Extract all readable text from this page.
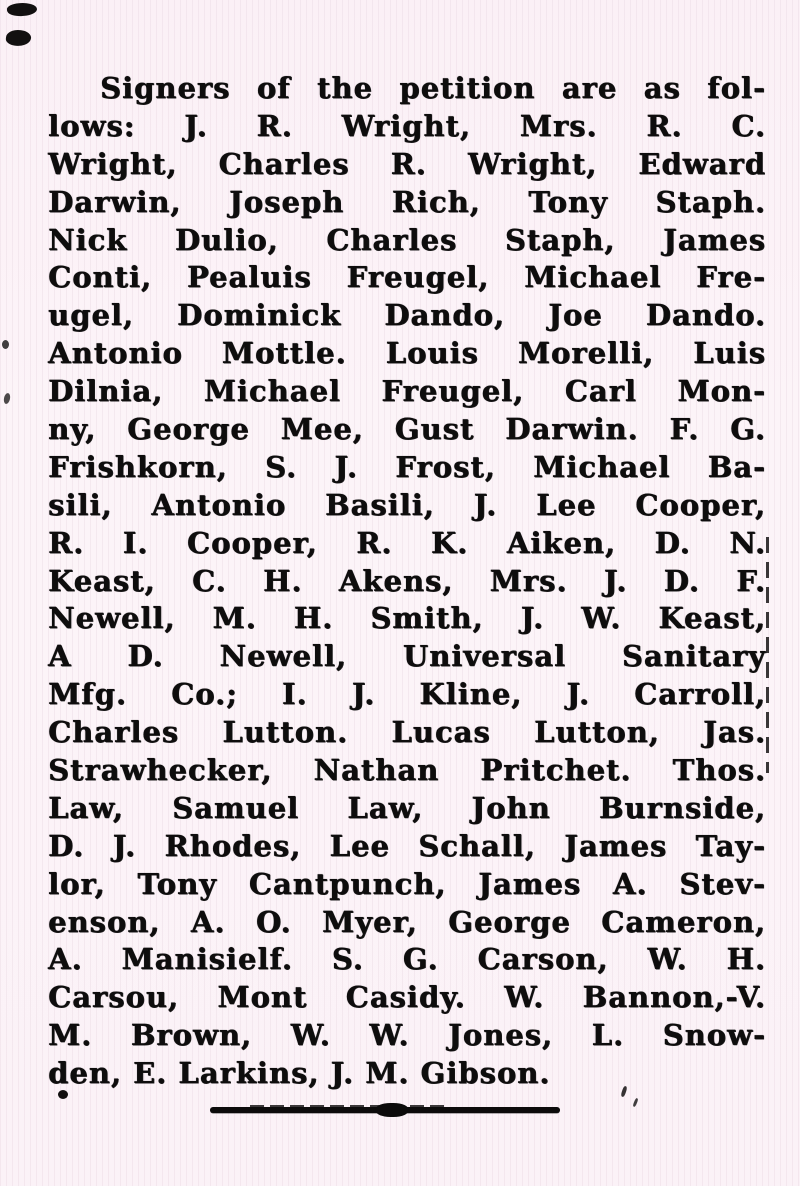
Signers of the petition are as fol-
lows: J. R. Wright, Mrs. R. C.
Wright, Charles R. Wright, Edward
Darwin, Joseph Rich, Tony Staph.
Nick Dulio, Charles Staph, James
Conti, Pealuis Freugel, Michael Fre-
ugel, Dominick Dando, Joe Dando.
Antonio Mottle. Louis Morelli, Luis
Dilnia, Michael Freugel, Carl Mon-
ny, George Mee, Gust Darwin. F. G.
Frishkorn, S. J. Frost, Michael Ba-
sili, Antonio Basili, J. Lee Cooper,
R. I. Cooper, R. K. Aiken, D. N.
Keast, C. H. Akens, Mrs. J. D. F.
Newell, M. H. Smith, J. W. Keast,
A D. Newell, Universal Sanitary
Mfg. Co.; I. J. Kline, J. Carroll,
Charles Lutton. Lucas Lutton, Jas.
Strawhecker, Nathan Pritchet. Thos.
Law, Samuel Law, John Burnside,
D. J. Rhodes, Lee Schall, James Tay-
lor, Tony Cantpunch, James A. Stev-
enson, A. O. Myer, George Cameron,
A. Manisielf. S. G. Carson, W. H.
Carsou, Mont Casidy. W. Bannon,-V.
M. Brown, W. W. Jones, L. Snow-
den, E. Larkins, J. M. Gibson.
